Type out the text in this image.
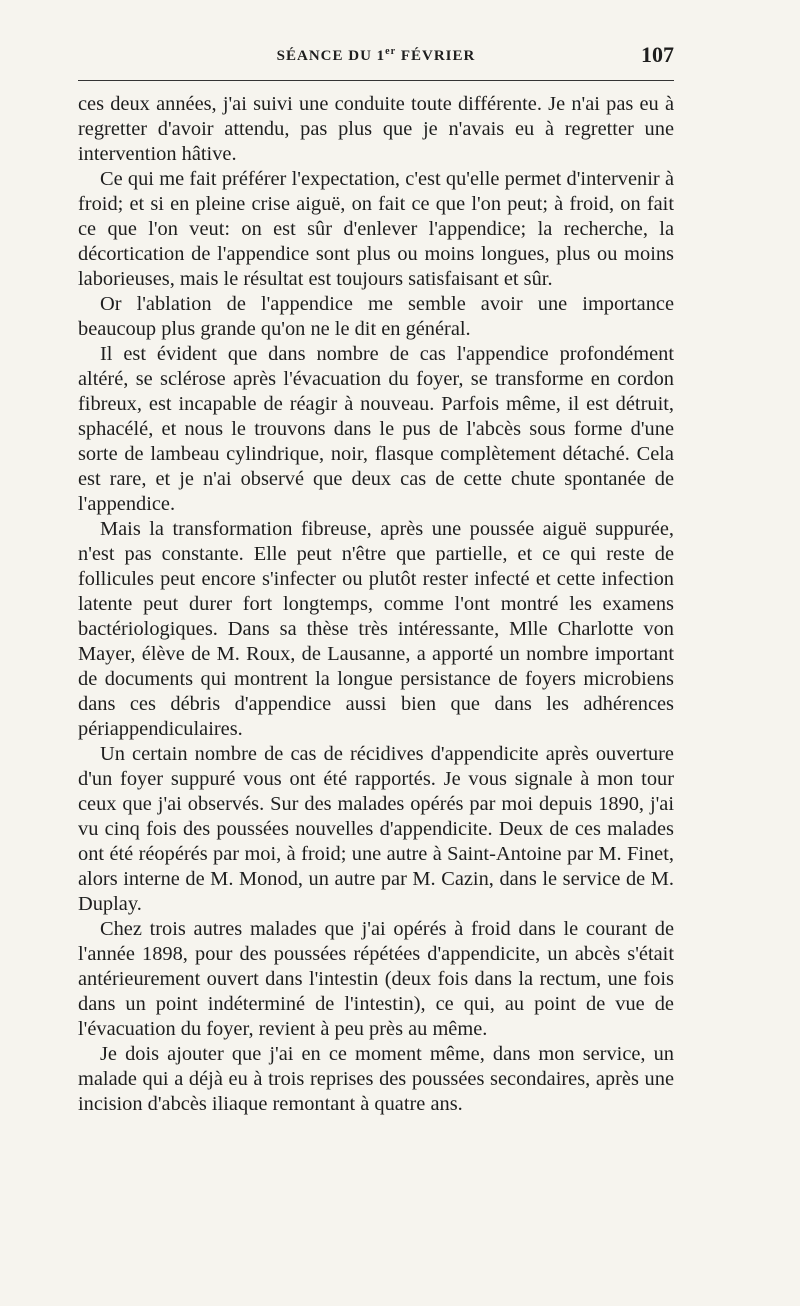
SÉANCE DU 1er FÉVRIER	107

ces deux années, j'ai suivi une conduite toute différente. Je n'ai pas eu à regretter d'avoir attendu, pas plus que je n'avais eu à regretter une intervention hâtive.

Ce qui me fait préférer l'expectation, c'est qu'elle permet d'intervenir à froid; et si en pleine crise aiguë, on fait ce que l'on peut; à froid, on fait ce que l'on veut: on est sûr d'enlever l'appendice; la recherche, la décortication de l'appendice sont plus ou moins longues, plus ou moins laborieuses, mais le résultat est toujours satisfaisant et sûr.

Or l'ablation de l'appendice me semble avoir une importance beaucoup plus grande qu'on ne le dit en général.

Il est évident que dans nombre de cas l'appendice profondément altéré, se sclérose après l'évacuation du foyer, se transforme en cordon fibreux, est incapable de réagir à nouveau. Parfois même, il est détruit, sphacélé, et nous le trouvons dans le pus de l'abcès sous forme d'une sorte de lambeau cylindrique, noir, flasque complètement détaché. Cela est rare, et je n'ai observé que deux cas de cette chute spontanée de l'appendice.

Mais la transformation fibreuse, après une poussée aiguë suppurée, n'est pas constante. Elle peut n'être que partielle, et ce qui reste de follicules peut encore s'infecter ou plutôt rester infecté et cette infection latente peut durer fort longtemps, comme l'ont montré les examens bactériologiques. Dans sa thèse très intéressante, Mlle Charlotte von Mayer, élève de M. Roux, de Lausanne, a apporté un nombre important de documents qui montrent la longue persistance de foyers microbiens dans ces débris d'appendice aussi bien que dans les adhérences périappendiculaires.

Un certain nombre de cas de récidives d'appendicite après ouverture d'un foyer suppuré vous ont été rapportés. Je vous signale à mon tour ceux que j'ai observés. Sur des malades opérés par moi depuis 1890, j'ai vu cinq fois des poussées nouvelles d'appendicite. Deux de ces malades ont été réopérés par moi, à froid; une autre à Saint-Antoine par M. Finet, alors interne de M. Monod, un autre par M. Cazin, dans le service de M. Duplay.

Chez trois autres malades que j'ai opérés à froid dans le courant de l'année 1898, pour des poussées répétées d'appendicite, un abcès s'était antérieurement ouvert dans l'intestin (deux fois dans la rectum, une fois dans un point indéterminé de l'intestin), ce qui, au point de vue de l'évacuation du foyer, revient à peu près au même.

Je dois ajouter que j'ai en ce moment même, dans mon service, un malade qui a déjà eu à trois reprises des poussées secondaires, après une incision d'abcès iliaque remontant à quatre ans.
